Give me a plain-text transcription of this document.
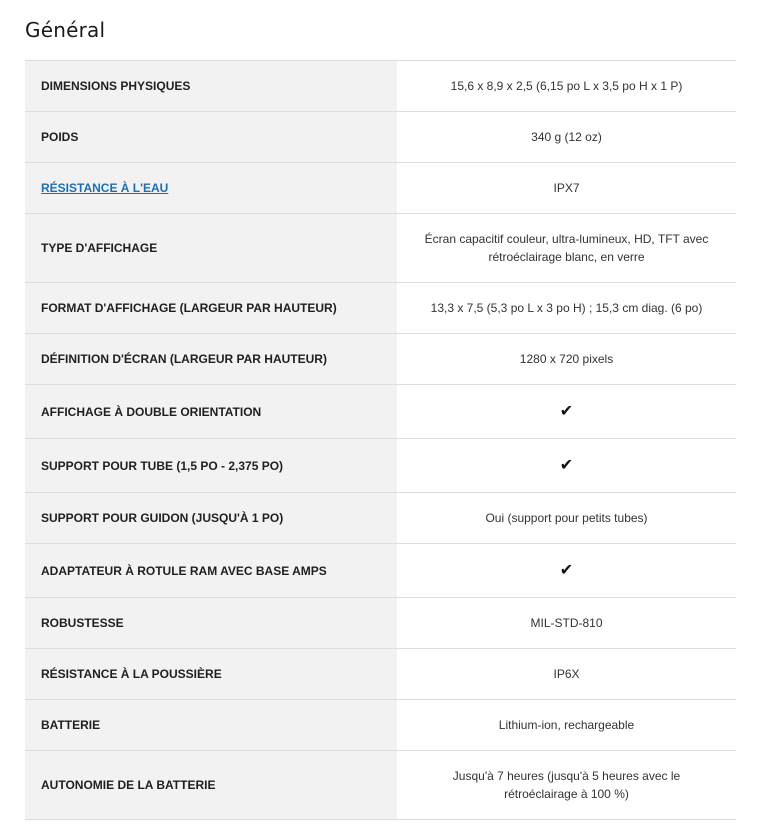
Général
DIMENSIONS PHYSIQUES	15,6 x 8,9 x 2,5 (6,15 po L x 3,5 po H x 1 P)
POIDS	340 g (12 oz)
RÉSISTANCE À L'EAU	IPX7
TYPE D'AFFICHAGE	Écran capacitif couleur, ultra-lumineux, HD, TFT avec rétroéclairage blanc, en verre
FORMAT D'AFFICHAGE (LARGEUR PAR HAUTEUR)	13,3 x 7,5 (5,3 po L x 3 po H) ; 15,3 cm diag. (6 po)
DÉFINITION D'ÉCRAN (LARGEUR PAR HAUTEUR)	1280 x 720 pixels
AFFICHAGE À DOUBLE ORIENTATION	✔
SUPPORT POUR TUBE (1,5 PO - 2,375 PO)	✔
SUPPORT POUR GUIDON (JUSQU'À 1 PO)	Oui (support pour petits tubes)
ADAPTATEUR À ROTULE RAM AVEC BASE AMPS	✔
ROBUSTESSE	MIL-STD-810
RÉSISTANCE À LA POUSSIÈRE	IP6X
BATTERIE	Lithium-ion, rechargeable
AUTONOMIE DE LA BATTERIE	Jusqu'à 7 heures (jusqu'à 5 heures avec le rétroéclairage à 100 %)
